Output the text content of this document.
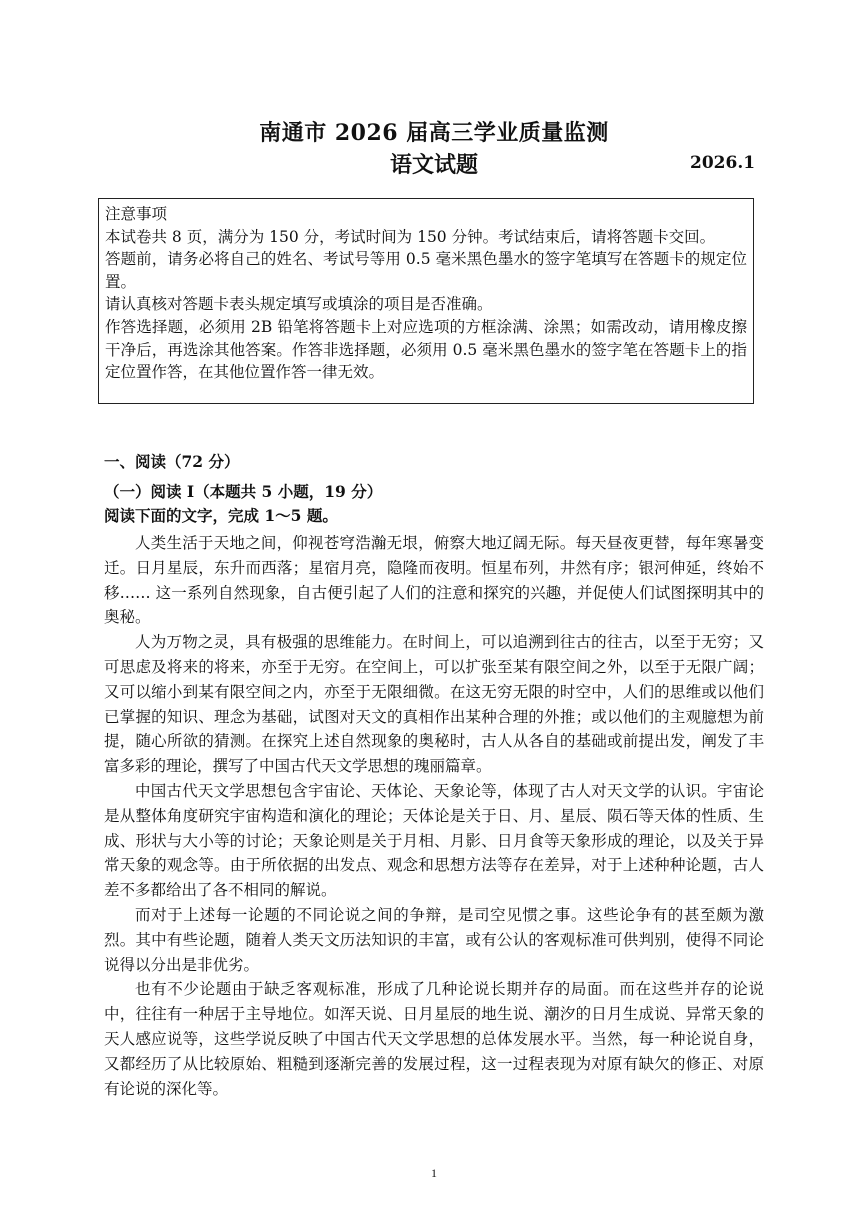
南通市 2026 届高三学业质量监测
语文试题	2026.1

注意事项

本试卷共 8 页，满分为 150 分，考试时间为 150 分钟。考试结束后，请将答题卡交回。

答题前，请务必将自己的姓名、考试号等用 0.5 毫米黑色墨水的签字笔填写在答题卡的规定位置。

请认真核对答题卡表头规定填写或填涂的项目是否准确。

作答选择题，必须用 2B 铅笔将答题卡上对应选项的方框涂满、涂黑；如需改动，请用橡皮擦干净后，再选涂其他答案。作答非选择题，必须用 0.5 毫米黑色墨水的签字笔在答题卡上的指定位置作答，在其他位置作答一律无效。

一、阅读（72 分）
（一）阅读 Ⅰ（本题共 5 小题，19 分）
阅读下面的文字，完成 1～5 题。

人类生活于天地之间，仰视苍穹浩瀚无垠，俯察大地辽阔无际。每天昼夜更替，每年寒暑变迁。日月星辰，东升而西落；星宿月亮，隐隆而夜明。恒星布列，井然有序；银河伸延，终始不移…… 这一系列自然现象，自古便引起了人们的注意和探究的兴趣，并促使人们试图探明其中的奥秘。

人为万物之灵，具有极强的思维能力。在时间上，可以追溯到往古的往古，以至于无穷；又可思虑及将来的将来，亦至于无穷。在空间上，可以扩张至某有限空间之外，以至于无限广阔；又可以缩小到某有限空间之内，亦至于无限细微。在这无穷无限的时空中，人们的思维或以他们已掌握的知识、理念为基础，试图对天文的真相作出某种合理的外推；或以他们的主观臆想为前提，随心所欲的猜测。在探究上述自然现象的奥秘时，古人从各自的基础或前提出发，阐发了丰富多彩的理论，撰写了中国古代天文学思想的瑰丽篇章。

中国古代天文学思想包含宇宙论、天体论、天象论等，体现了古人对天文学的认识。宇宙论是从整体角度研究宇宙构造和演化的理论；天体论是关于日、月、星辰、陨石等天体的性质、生成、形状与大小等的讨论；天象论则是关于月相、月影、日月食等天象形成的理论，以及关于异常天象的观念等。由于所依据的出发点、观念和思想方法等存在差异，对于上述种种论题，古人差不多都给出了各不相同的解说。

而对于上述每一论题的不同论说之间的争辩，是司空见惯之事。这些论争有的甚至颇为激烈。其中有些论题，随着人类天文历法知识的丰富，或有公认的客观标准可供判别，使得不同论说得以分出是非优劣。

也有不少论题由于缺乏客观标准，形成了几种论说长期并存的局面。而在这些并存的论说中，往往有一种居于主导地位。如浑天说、日月星辰的地生说、潮汐的日月生成说、异常天象的天人感应说等，这些学说反映了中国古代天文学思想的总体发展水平。当然，每一种论说自身，又都经历了从比较原始、粗糙到逐渐完善的发展过程，这一过程表现为对原有缺欠的修正、对原有论说的深化等。

1
